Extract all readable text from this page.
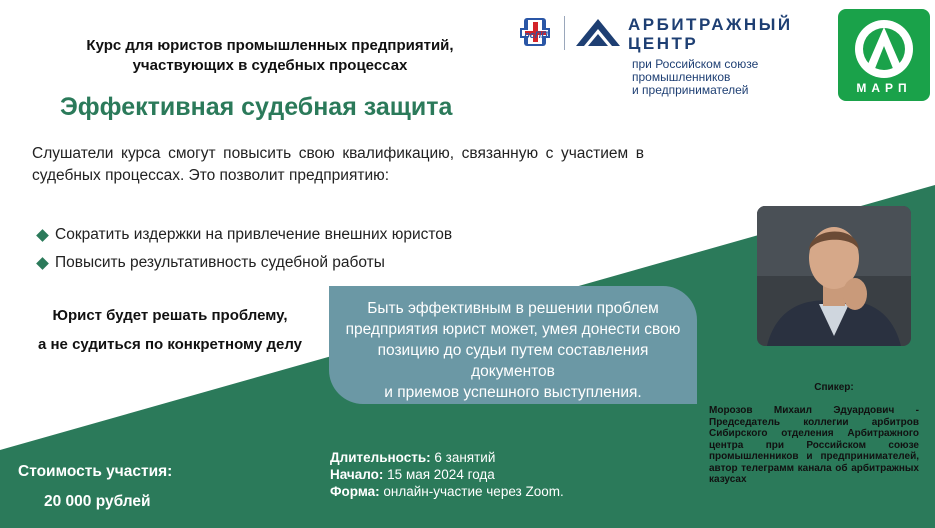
рсПП
АРБИТРАЖНЫЙ
ЦЕНТР
при Российском союзе
промышленников
и предпринимателей	МАРП
Курс для юристов промышленных предприятий,
участвующих в судебных процессах
Эффективная судебная защита
Слушатели курса смогут повысить свою квалификацию, связанную с участием в судебных процессах. Это позволит предприятию:
Сократить издержки на привлечение внешних юристов
Повысить результативность судебной работы
Юрист будет решать проблему,
а не судиться по конкретному делу
Быть эффективным в решении проблем
предприятия юрист может, умея донести свою
позицию до судьи путем составления документов
и приемов успешного выступления.
Стоимость участия:
20 000 рублей
Длительность: 6 занятий
Начало: 15 мая 2024 года
Форма: онлайн-участие через Zoom.
Спикер:
Морозов Михаил Эдуардович - Председатель коллегии арбитров Сибирского отделения Арбитражного центра при Российском союзе промышленников и предпринимателей, автор телеграмм канала об арбитражных казусах
